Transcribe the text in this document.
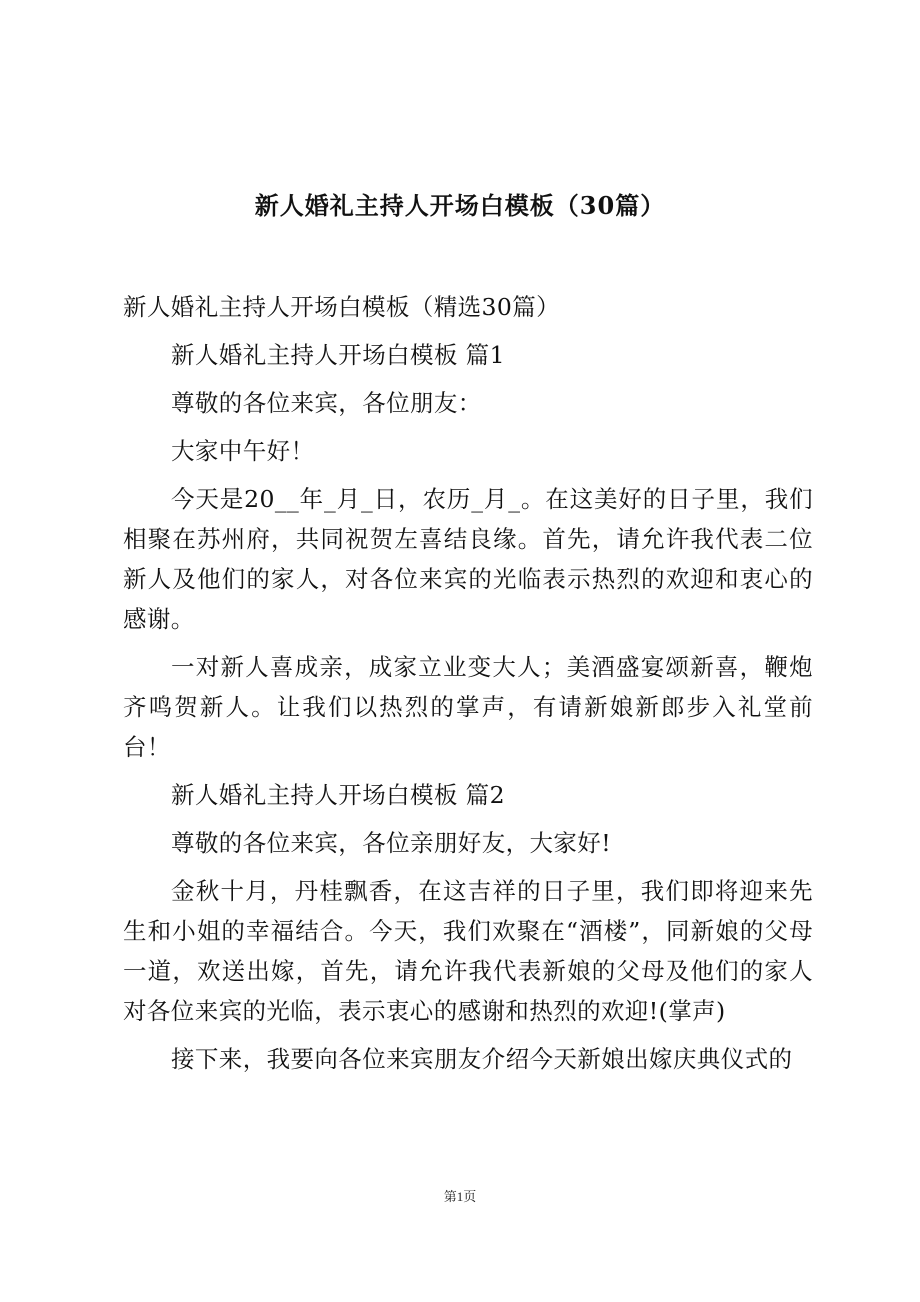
新人婚礼主持人开场白模板（30篇）

新人婚礼主持人开场白模板（精选30篇）

新人婚礼主持人开场白模板 篇1

尊敬的各位来宾，各位朋友：

大家中午好！

今天是20__年_月_日，农历_月_。在这美好的日子里，我们相聚在苏州府，共同祝贺左喜结良缘。首先，请允许我代表二位新人及他们的家人，对各位来宾的光临表示热烈的欢迎和衷心的感谢。

一对新人喜成亲，成家立业变大人；美酒盛宴颂新喜，鞭炮齐鸣贺新人。让我们以热烈的掌声，有请新娘新郎步入礼堂前台！

新人婚礼主持人开场白模板 篇2

尊敬的各位来宾，各位亲朋好友，大家好!

金秋十月，丹桂飘香，在这吉祥的日子里，我们即将迎来先生和小姐的幸福结合。今天，我们欢聚在“酒楼”，同新娘的父母一道，欢送出嫁，首先，请允许我代表新娘的父母及他们的家人对各位来宾的光临，表示衷心的感谢和热烈的欢迎!(掌声)

接下来，我要向各位来宾朋友介绍今天新娘出嫁庆典仪式的

第1页
